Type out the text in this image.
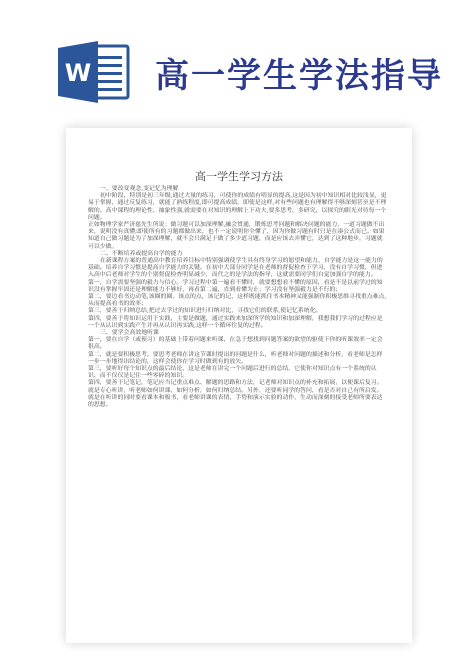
W 高一学生学法指导
高一学生学习方法

一、要改变观念,变记忆为理解

初中阶段，特别是初三年级,通过大量的练习，可使你的成绩有明显的提高,这是因为初中知识相对比较浅显，更易于掌握，通过反复练习，就能了熟练程度,即可提高成绩，即使是这样,对有些问题也有理解得不够深刻甚至是不理解的。高中课程的理论性、抽象性强,就需要在对知识的理解上下功夫,要多思考，多研究，以探究的眼光对待每一个问题。

正如物理学家严济慈先生所说：做习题可以加深理解,融会贯通，锻炼思考问题和解决问题的能力，一道习题做不出来，说明没有真懂;即使所有的习题都做出来，也不一定说明你全懂了，因为你做习题有时只是在凑公式而已。如果知道自己做习题是为了加深理解，就不会只满足于做了多少道习题，而是应该去弄懂它，达到了这种地步，习题就可以少做。

二、不断培养或提高自学的能力

在新课程方案的普通高中教育培养目标中特别强调使学生具有终身学习的愿望和能力，自学能力是这一能力的基础。培养自学习惯是提高自学能力的关键。在初中大部分同学是在老师的督促检查下学习，没有自学习惯，但进入高中后老师对学生的个别督促检查明显减少，而代之的是学法的指导，这就需要同学们自觉加强自学的能力。

第一，自学需要坚强的毅力与信心。学习过程中第一遍看不懂时，就要想想看不懂的原因，看是不是以前学过的知识没有掌握牢固还是理解能力不够好，再看第二遍，直到看懂为止；学习没有坚强毅力是不行的；

第二，要边看书边动笔,该圈的圈，该点的点，该记的记，这样既能抓住书本精神又能强制你积极思维寻找重点难点,从而提高看书的效率；

第三，要善于归纳总结,把过去学过的知识进行归纳对比，寻找它们的联系,使记忆系统化。

第四，要善于将知识运用于实践，主要是做题，通过实践来加深所学的知识和加深理解，我想我们学习的过程应是一个从认识到实践产生并再从认识再实践,这样一个循环往复的过程。

三、要学会高效地听课

第一，要在自学（或预习）的基础上带着问题来听课，在急于想找到问题答案的欲望的驱使下你的听课效率一定会很高。

第二，就是要积极思考。要思考老师在讲这节课时提出的问题是什么，听老师对问题的描述和分析，看老师是怎样一步一步地得出结论的，这样会使你在学习时做到有的放矢。

第三，要听好每个知识点的最后结论，这是老师在讲完一个问题后进行的总结，它使你对知识点有一个系统的认识，而不仅仅是记住一些零碎的知识。

第四，要善于记笔记，笔记应当记重点难点、解题的思路和方法，记老师对知识点的补充和拓展，以便课后复习。

就是专心听讲，听老师如何讲课，如何分析，如何归纳总结。另外，还要听同学的答问，看是否对自己有所启发。

就是在听讲的同时要看课本和板书，看老师讲课的表情，手势和演示实验的动作，生动而深刻的接受老师所要表达的思想。
